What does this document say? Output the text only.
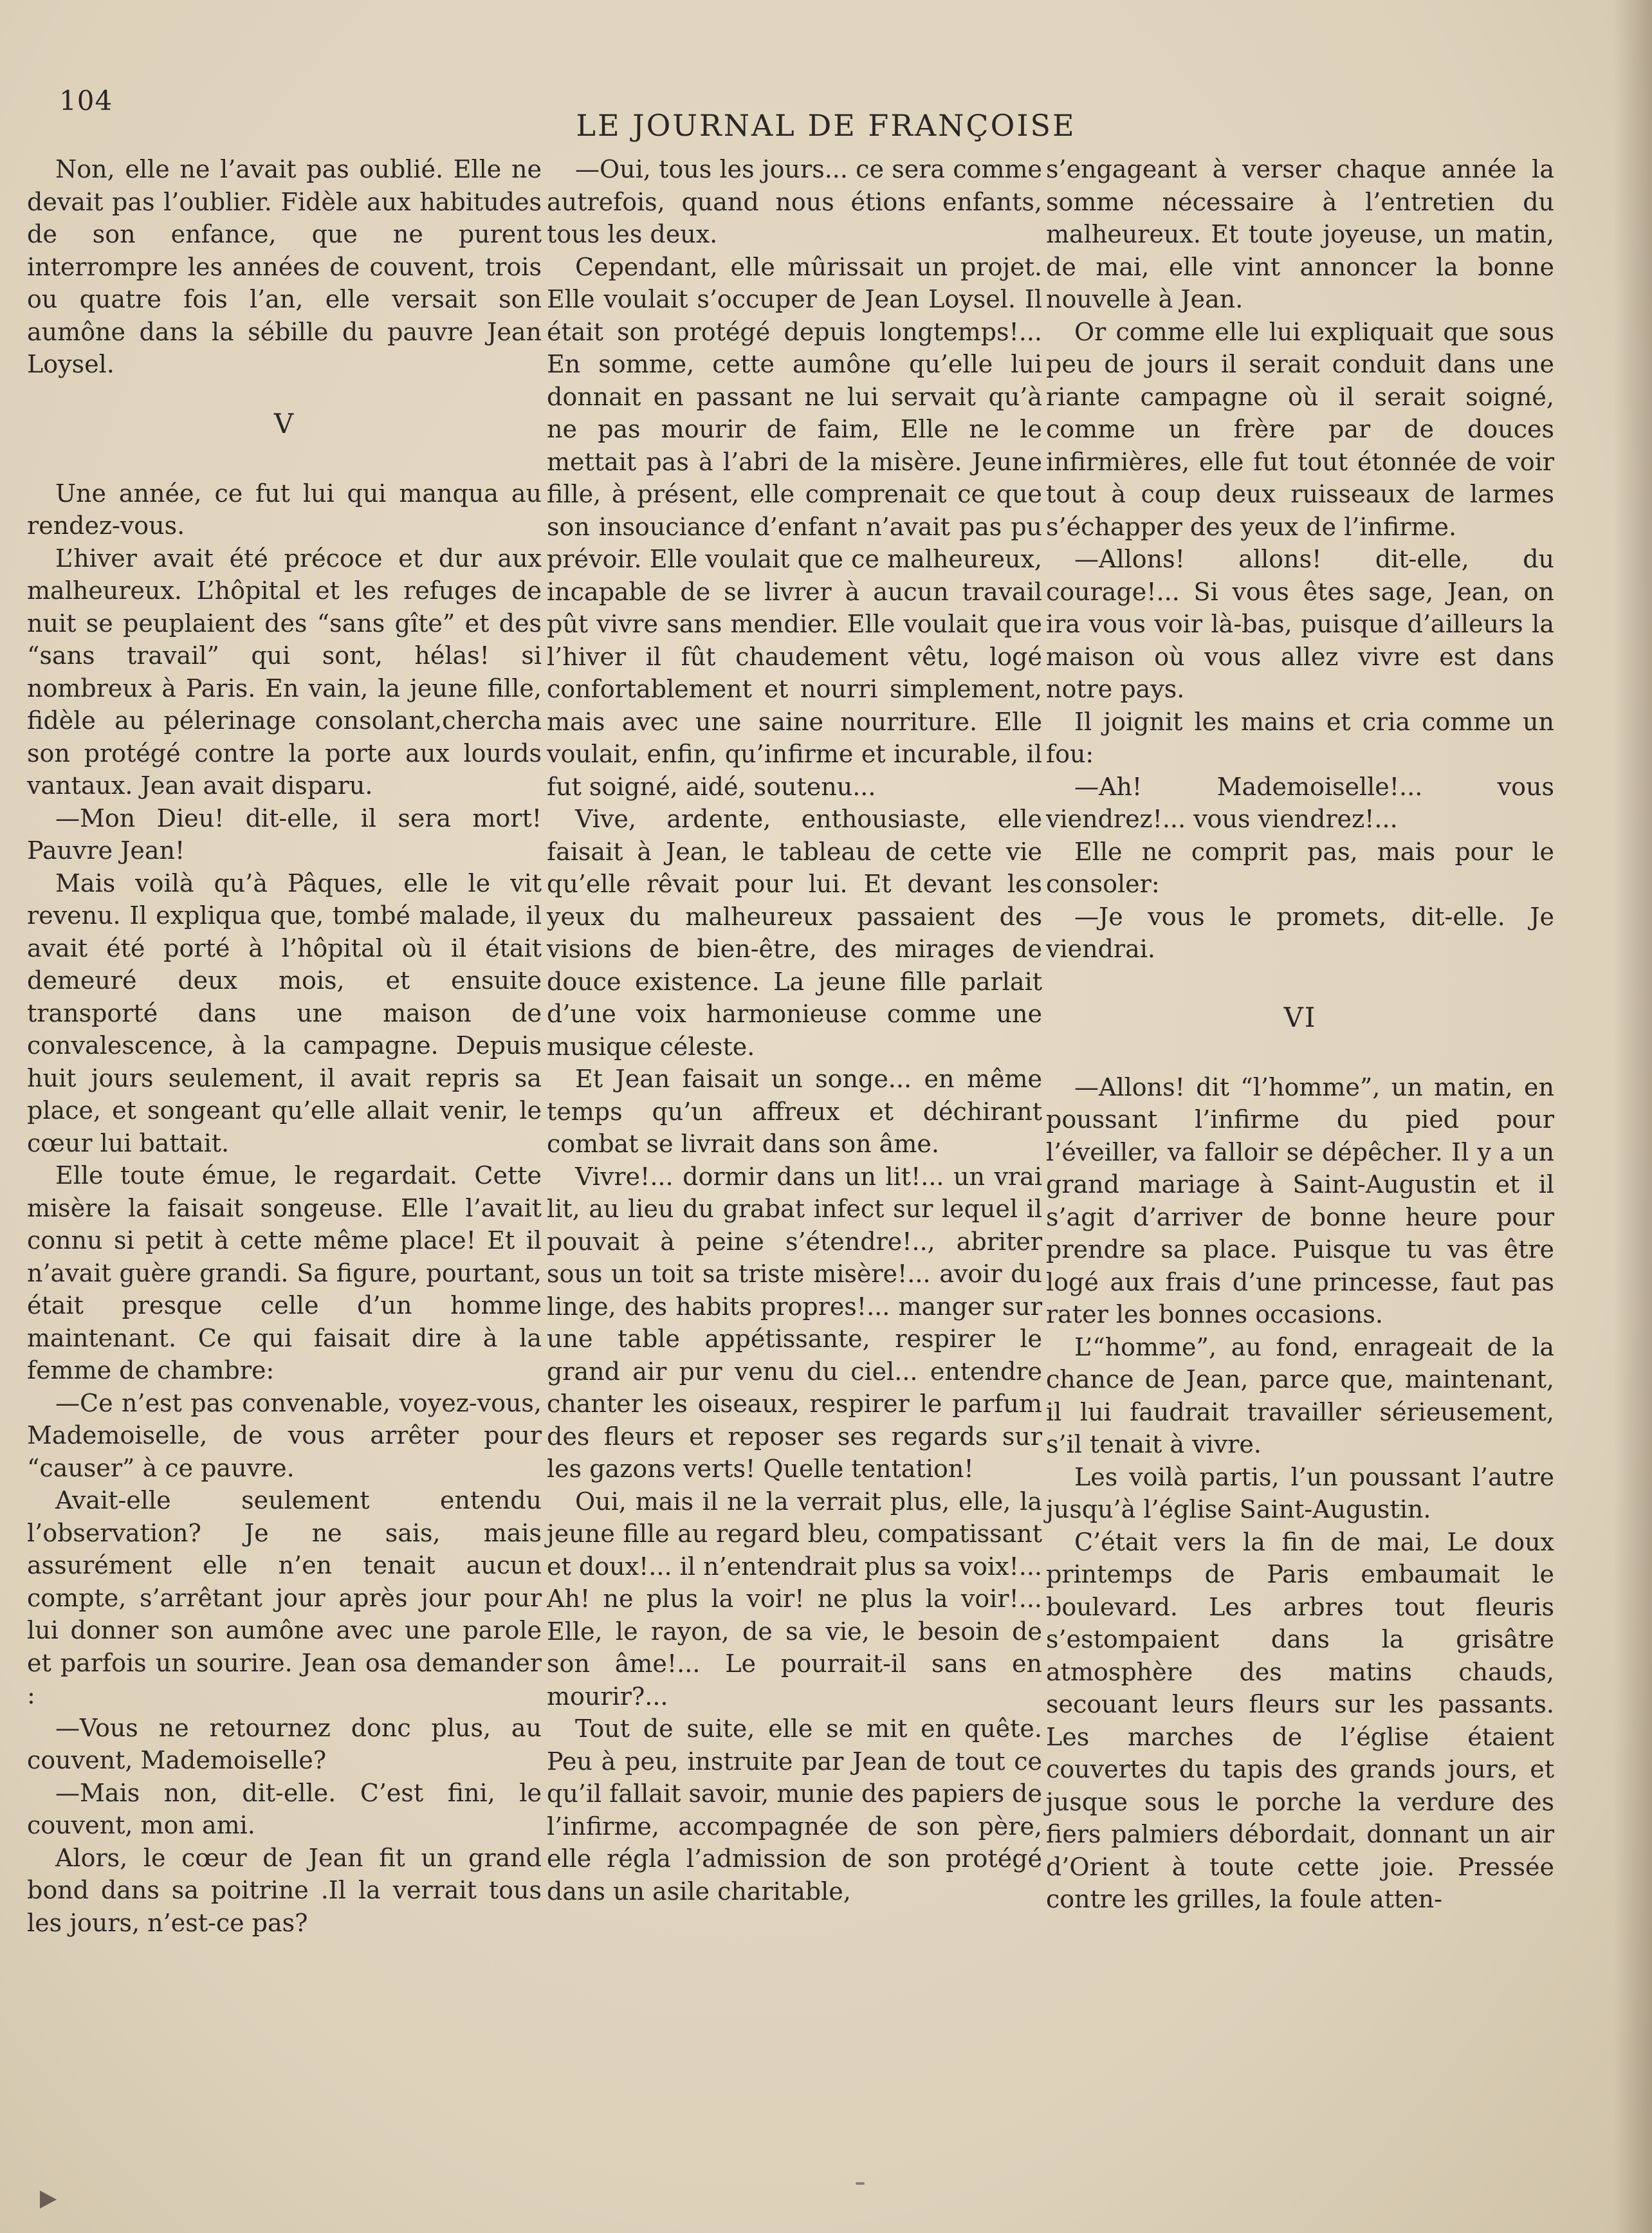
104
LE JOURNAL DE FRANÇOISE

Non, elle ne l’avait pas oublié. Elle ne devait pas l’oublier. Fidèle aux habitudes de son enfance, que ne purent interrompre les années de couvent, trois ou quatre fois l’an, elle versait son aumône dans la sébille du pauvre Jean Loysel.

V

Une année, ce fut lui qui manqua au rendez-vous.

L’hiver avait été précoce et dur aux malheureux. L’hôpital et les refuges de nuit se peuplaient des “sans gîte” et des “sans travail” qui sont, hélas! si nombreux à Paris. En vain, la jeune fille, fidèle au pélerinage consolant,chercha son protégé contre la porte aux lourds vantaux. Jean avait disparu.

—Mon Dieu! dit-elle, il sera mort! Pauvre Jean!

Mais voilà qu’à Pâques, elle le vit revenu. Il expliqua que, tombé malade, il avait été porté à l’hôpital où il était demeuré deux mois, et ensuite transporté dans une maison de convalescence, à la campagne. Depuis huit jours seulement, il avait repris sa place, et songeant qu’elle allait venir, le cœur lui battait.

Elle toute émue, le regardait. Cette misère la faisait songeuse. Elle l’avait connu si petit à cette même place! Et il n’avait guère grandi. Sa figure, pourtant, était presque celle d’un homme maintenant. Ce qui faisait dire à la femme de chambre:

—Ce n’est pas convenable, voyez-vous, Mademoiselle, de vous arrêter pour “causer” à ce pauvre.

Avait-elle seulement entendu l’observation? Je ne sais, mais assurément elle n’en tenait aucun compte, s’arrêtant jour après jour pour lui donner son aumône avec une parole et parfois un sourire. Jean osa demander :

—Vous ne retournez donc plus, au couvent, Mademoiselle?

—Mais non, dit-elle. C’est fini, le couvent, mon ami.

Alors, le cœur de Jean fit un grand bond dans sa poitrine .Il la verrait tous les jours, n’est-ce pas?

—Oui, tous les jours... ce sera comme autrefois, quand nous étions enfants, tous les deux.

Cependant, elle mûrissait un projet. Elle voulait s’occuper de Jean Loysel. Il était son protégé depuis longtemps!... En somme, cette aumône qu’elle lui donnait en passant ne lui servait qu’à ne pas mourir de faim, Elle ne le mettait pas à l’abri de la misère. Jeune fille, à présent, elle comprenait ce que son insouciance d’enfant n’avait pas pu prévoir. Elle voulait que ce malheureux, incapable de se livrer à aucun travail pût vivre sans mendier. Elle voulait que l’hiver il fût chaudement vêtu, logé confortablement et nourri simplement, mais avec une saine nourriture. Elle voulait, enfin, qu’infirme et incurable, il fut soigné, aidé, soutenu...

Vive, ardente, enthousiaste, elle faisait à Jean, le tableau de cette vie qu’elle rêvait pour lui. Et devant les yeux du malheureux passaient des visions de bien-être, des mirages de douce existence. La jeune fille parlait d’une voix harmonieuse comme une musique céleste.

Et Jean faisait un songe... en même temps qu’un affreux et déchirant combat se livrait dans son âme.

Vivre!... dormir dans un lit!... un vrai lit, au lieu du grabat infect sur lequel il pouvait à peine s’étendre!.., abriter sous un toit sa triste misère!... avoir du linge, des habits propres!... manger sur une table appétissante, respirer le grand air pur venu du ciel... entendre chanter les oiseaux, respirer le parfum des fleurs et reposer ses regards sur les gazons verts! Quelle tentation!

Oui, mais il ne la verrait plus, elle, la jeune fille au regard bleu, compatissant et doux!... il n’entendrait plus sa voix!... Ah! ne plus la voir! ne plus la voir!... Elle, le rayon, de sa vie, le besoin de son âme!... Le pourrait-il sans en mourir?...

Tout de suite, elle se mit en quête. Peu à peu, instruite par Jean de tout ce qu’il fallait savoir, munie des papiers de l’infirme, accompagnée de son père, elle régla l’admission de son protégé dans un asile charitable,

s’engageant à verser chaque année la somme nécessaire à l’entretien du malheureux. Et toute joyeuse, un matin, de mai, elle vint annoncer la bonne nouvelle à Jean.

Or comme elle lui expliquait que sous peu de jours il serait conduit dans une riante campagne où il serait soigné, comme un frère par de douces infirmières, elle fut tout étonnée de voir tout à coup deux ruisseaux de larmes s’échapper des yeux de l’infirme.

—Allons! allons! dit-elle, du courage!... Si vous êtes sage, Jean, on ira vous voir là-bas, puisque d’ailleurs la maison où vous allez vivre est dans notre pays.

Il joignit les mains et cria comme un fou:

—Ah! Mademoiselle!... vous viendrez!... vous viendrez!...

Elle ne comprit pas, mais pour le consoler:

—Je vous le promets, dit-elle. Je viendrai.

VI

—Allons! dit “l’homme”, un matin, en poussant l’infirme du pied pour l’éveiller, va falloir se dépêcher. Il y a un grand mariage à Saint-Augustin et il s’agit d’arriver de bonne heure pour prendre sa place. Puisque tu vas être logé aux frais d’une princesse, faut pas rater les bonnes occasions.

L’“homme”, au fond, enrageait de la chance de Jean, parce que, maintenant, il lui faudrait travailler sérieusement, s’il tenait à vivre.

Les voilà partis, l’un poussant l’autre jusqu’à l’église Saint-Augustin.

C’était vers la fin de mai, Le doux printemps de Paris embaumait le boulevard. Les arbres tout fleuris s’estompaient dans la grisâtre atmosphère des matins chauds, secouant leurs fleurs sur les passants. Les marches de l’église étaient couvertes du tapis des grands jours, et jusque sous le porche la verdure des fiers palmiers débordait, donnant un air d’Orient à toute cette joie. Pressée contre les grilles, la foule atten-
